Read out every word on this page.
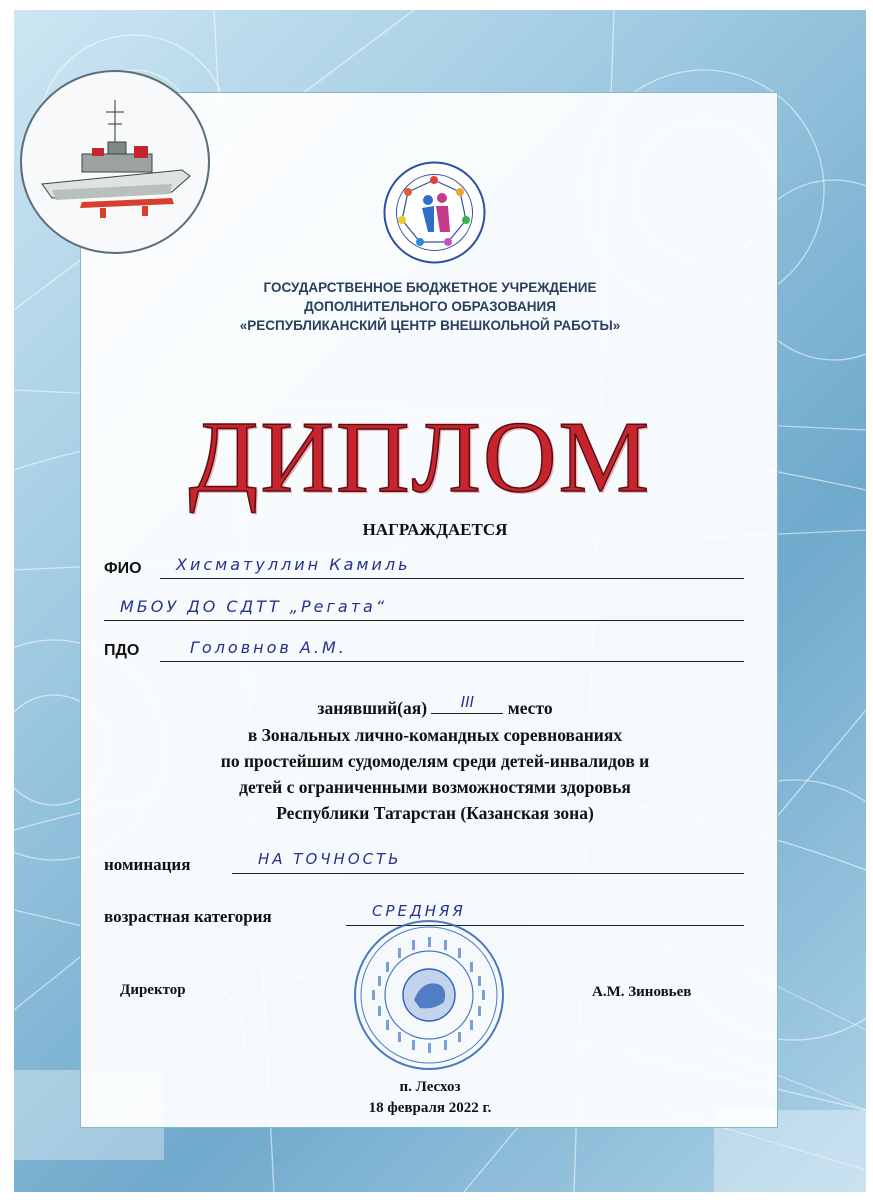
ГОСУДАРСТВЕННОЕ БЮДЖЕТНОЕ УЧРЕЖДЕНИЕ
ДОПОЛНИТЕЛЬНОГО ОБРАЗОВАНИЯ
«РЕСПУБЛИКАНСКИЙ ЦЕНТР ВНЕШКОЛЬНОЙ РАБОТЫ»
ДИПЛОМ
НАГРАЖДАЕТСЯ
ФИО Хисматуллин Камиль
МБОУ ДО СДТТ „Регата“
ПДО	Головнов А.М.
занявший(ая)	III	место
в Зональных лично-командных соревнованиях
по простейшим судомоделям среди детей-инвалидов и
детей с ограниченными возможностями здоровья
Республики Татарстан (Казанская зона)
номинация	НА ТОЧНОСТЬ
возрастная категория	СРЕДНЯЯ
Директор	А.М. Зиновьев
п. Лесхоз
18 февраля 2022 г.
